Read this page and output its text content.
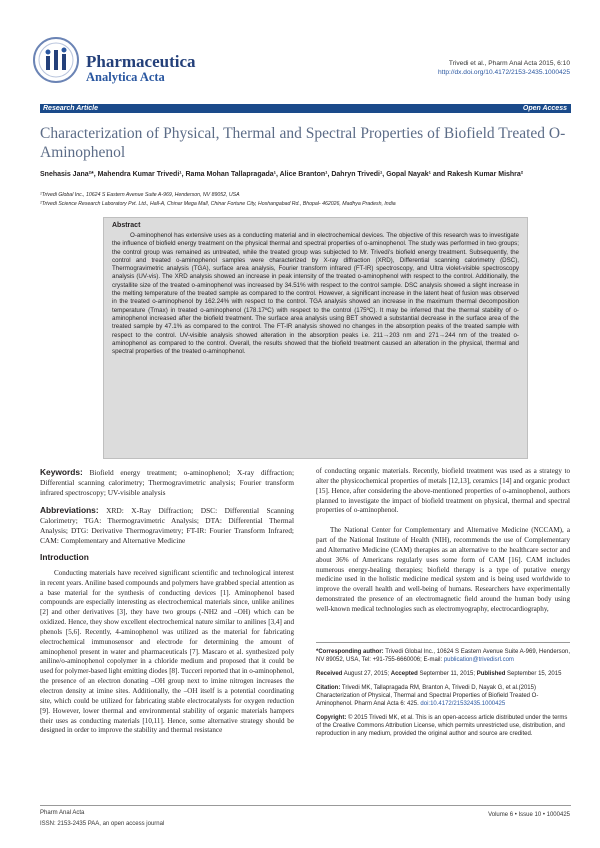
Pharmaceutica
Analytica Acta
Trivedi et al., Pharm Anal Acta 2015, 6:10
http://dx.doi.org/10.4172/2153-2435.1000425
Research Article	Open Access
Characterization of Physical, Thermal and Spectral Properties of Biofield Treated O-Aminophenol
Snehasis Jana²*, Mahendra Kumar Trivedi¹, Rama Mohan Tallapragada¹, Alice Branton¹, Dahryn Trivedi¹, Gopal Nayak¹ and Rakesh Kumar Mishra²
¹Trivedi Global Inc., 10624 S Eastern Avenue Suite A-969, Henderson, NV 89052, USA
²Trivedi Science Research Laboratory Pvt. Ltd., Hall-A, Chinar Mega Mall, Chinar Fortune City, Hoshangabad Rd., Bhopal- 462026, Madhya Pradesh, India
Abstract
O-aminophenol has extensive uses as a conducting material and in electrochemical devices. The objective of this research was to investigate the influence of biofield energy treatment on the physical thermal and spectral properties of o-aminophenol. The study was performed in two groups; the control group was remained as untreated, while the treated group was subjected to Mr. Trivedi's biofield energy treatment. Subsequently, the control and treated o-aminophenol samples were characterized by X-ray diffraction (XRD), Differential scanning calorimetry (DSC), Thermogravimetric analysis (TGA), surface area analysis, Fourier transform infrared (FT-IR) spectroscopy, and Ultra violet-visible spectroscopy analysis (UV-vis). The XRD analysis showed an increase in peak intensity of the treated o-aminophenol with respect to the control. Additionally, the crystallite size of the treated o-aminophenol was increased by 34.51% with respect to the control sample. DSC analysis showed a slight increase in the melting temperature of the treated sample as compared to the control. However, a significant increase in the latent heat of fusion was observed in the treated o-aminophenol by 162.24% with respect to the control. TGA analysis showed an increase in the maximum thermal decomposition temperature (Tmax) in treated o-aminophenol (178.17ºC) with respect to the control (175ºC). It may be inferred that the thermal stability of o-aminophenol increased after the biofield treatment. The surface area analysis using BET showed a substantial decrease in the surface area of the treated sample by 47.1% as compared to the control. The FT-IR analysis showed no changes in the absorption peaks of the treated sample with respect to the control. UV-visible analysis showed alteration in the absorption peaks i.e. 211→203 nm and 271→244 nm of the treated o-aminophenol as compared to the control. Overall, the results showed that the biofield treatment caused an alteration in the physical, thermal and spectral properties of the treated o-aminophenol.

Keywords: Biofield energy treatment; o-aminophenol; X-ray diffraction; Differential scanning calorimetry; Thermogravimetric analysis; Fourier transform infrared spectroscopy; UV-visible analysis

Abbreviations: XRD: X-Ray Diffraction; DSC: Differential Scanning Calorimetry; TGA: Thermogravimetric Analysis; DTA: Differential Thermal Analysis; DTG: Derivative Thermogravimetry; FT-IR: Fourier Transform Infrared; CAM: Complementary and Alternative Medicine

Introduction

Conducting materials have received significant scientific and technological interest in recent years. Aniline based compounds and polymers have grabbed special attention as a base material for the synthesis of conducting devices [1]. Aminophenol based compounds are especially interesting as electrochemical materials since, unlike anilines [2] and other derivatives [3], they have two groups (-NH2 and –OH) which can be oxidized. Hence, they show excellent electrochemical nature similar to anilines [3,4] and phenols [5,6]. Recently, 4-aminophenol was utilized as the material for fabricating electrochemical immunosensor and electrode for determining the amount of aminophenol present in water and pharmaceuticals [7]. Mascaro et al. synthesized poly aniline/o-aminophenol copolymer in a chloride medium and proposed that it could be used for polymer-based light emitting diodes [8]. Tucceri reported that in o-aminophenol, the presence of an electron donating –OH group next to imine nitrogen increases the electron density at imine sites. Additionally, the –OH itself is a potential coordinating site, which could be utilized for fabricating stable electrocatalysts for oxygen reduction [9]. However, lower thermal and environmental stability of organic materials hampers their uses as conducting materials [10,11]. Hence, some alternative strategy should be designed in order to improve the stability and thermal resistance

of conducting organic materials. Recently, biofield treatment was used as a strategy to alter the physicochemical properties of metals [12,13], ceramics [14] and organic product [15]. Hence, after considering the above-mentioned properties of o-aminophenol, authors planned to investigate the impact of biofield treatment on physical, thermal and spectral properties of o-aminophenol.

The National Center for Complementary and Alternative Medicine (NCCAM), a part of the National Institute of Health (NIH), recommends the use of Complementary and Alternative Medicine (CAM) therapies as an alternative to the healthcare sector and about 36% of Americans regularly uses some form of CAM [16]. CAM includes numerous energy-healing therapies; biofield therapy is a type of putative energy medicine used in the holistic medicine medical system and is being used worldwide to improve the overall health and well-being of humans. Researchers have experimentally demonstrated the presence of an electromagnetic field around the human body using well-known medical technologies such as electromyography, electrocardiography,

*Corresponding author: Trivedi Global Inc., 10624 S Eastern Avenue Suite A-969, Henderson, NV 89052, USA, Tel: +91-755-6660006; E-mail: publication@trivedisrl.com

Received August 27, 2015; Accepted September 11, 2015; Published September 15, 2015

Citation: Trivedi MK, Tallapragada RM, Branton A, Trivedi D, Nayak G, et al.(2015) Characterization of Physical, Thermal and Spectral Properties of Biofield Treated O-Aminophenol. Pharm Anal Acta 6: 425. doi:10.4172/21532435.1000425

Copyright: © 2015 Trivedi MK, et al. This is an open-access article distributed under the terms of the Creative Commons Attribution License, which permits unrestricted use, distribution, and reproduction in any medium, provided the original author and source are credited.

Pharm Anal Acta
ISSN: 2153-2435 PAA, an open access journal
Volume 6 • Issue 10 • 1000425
